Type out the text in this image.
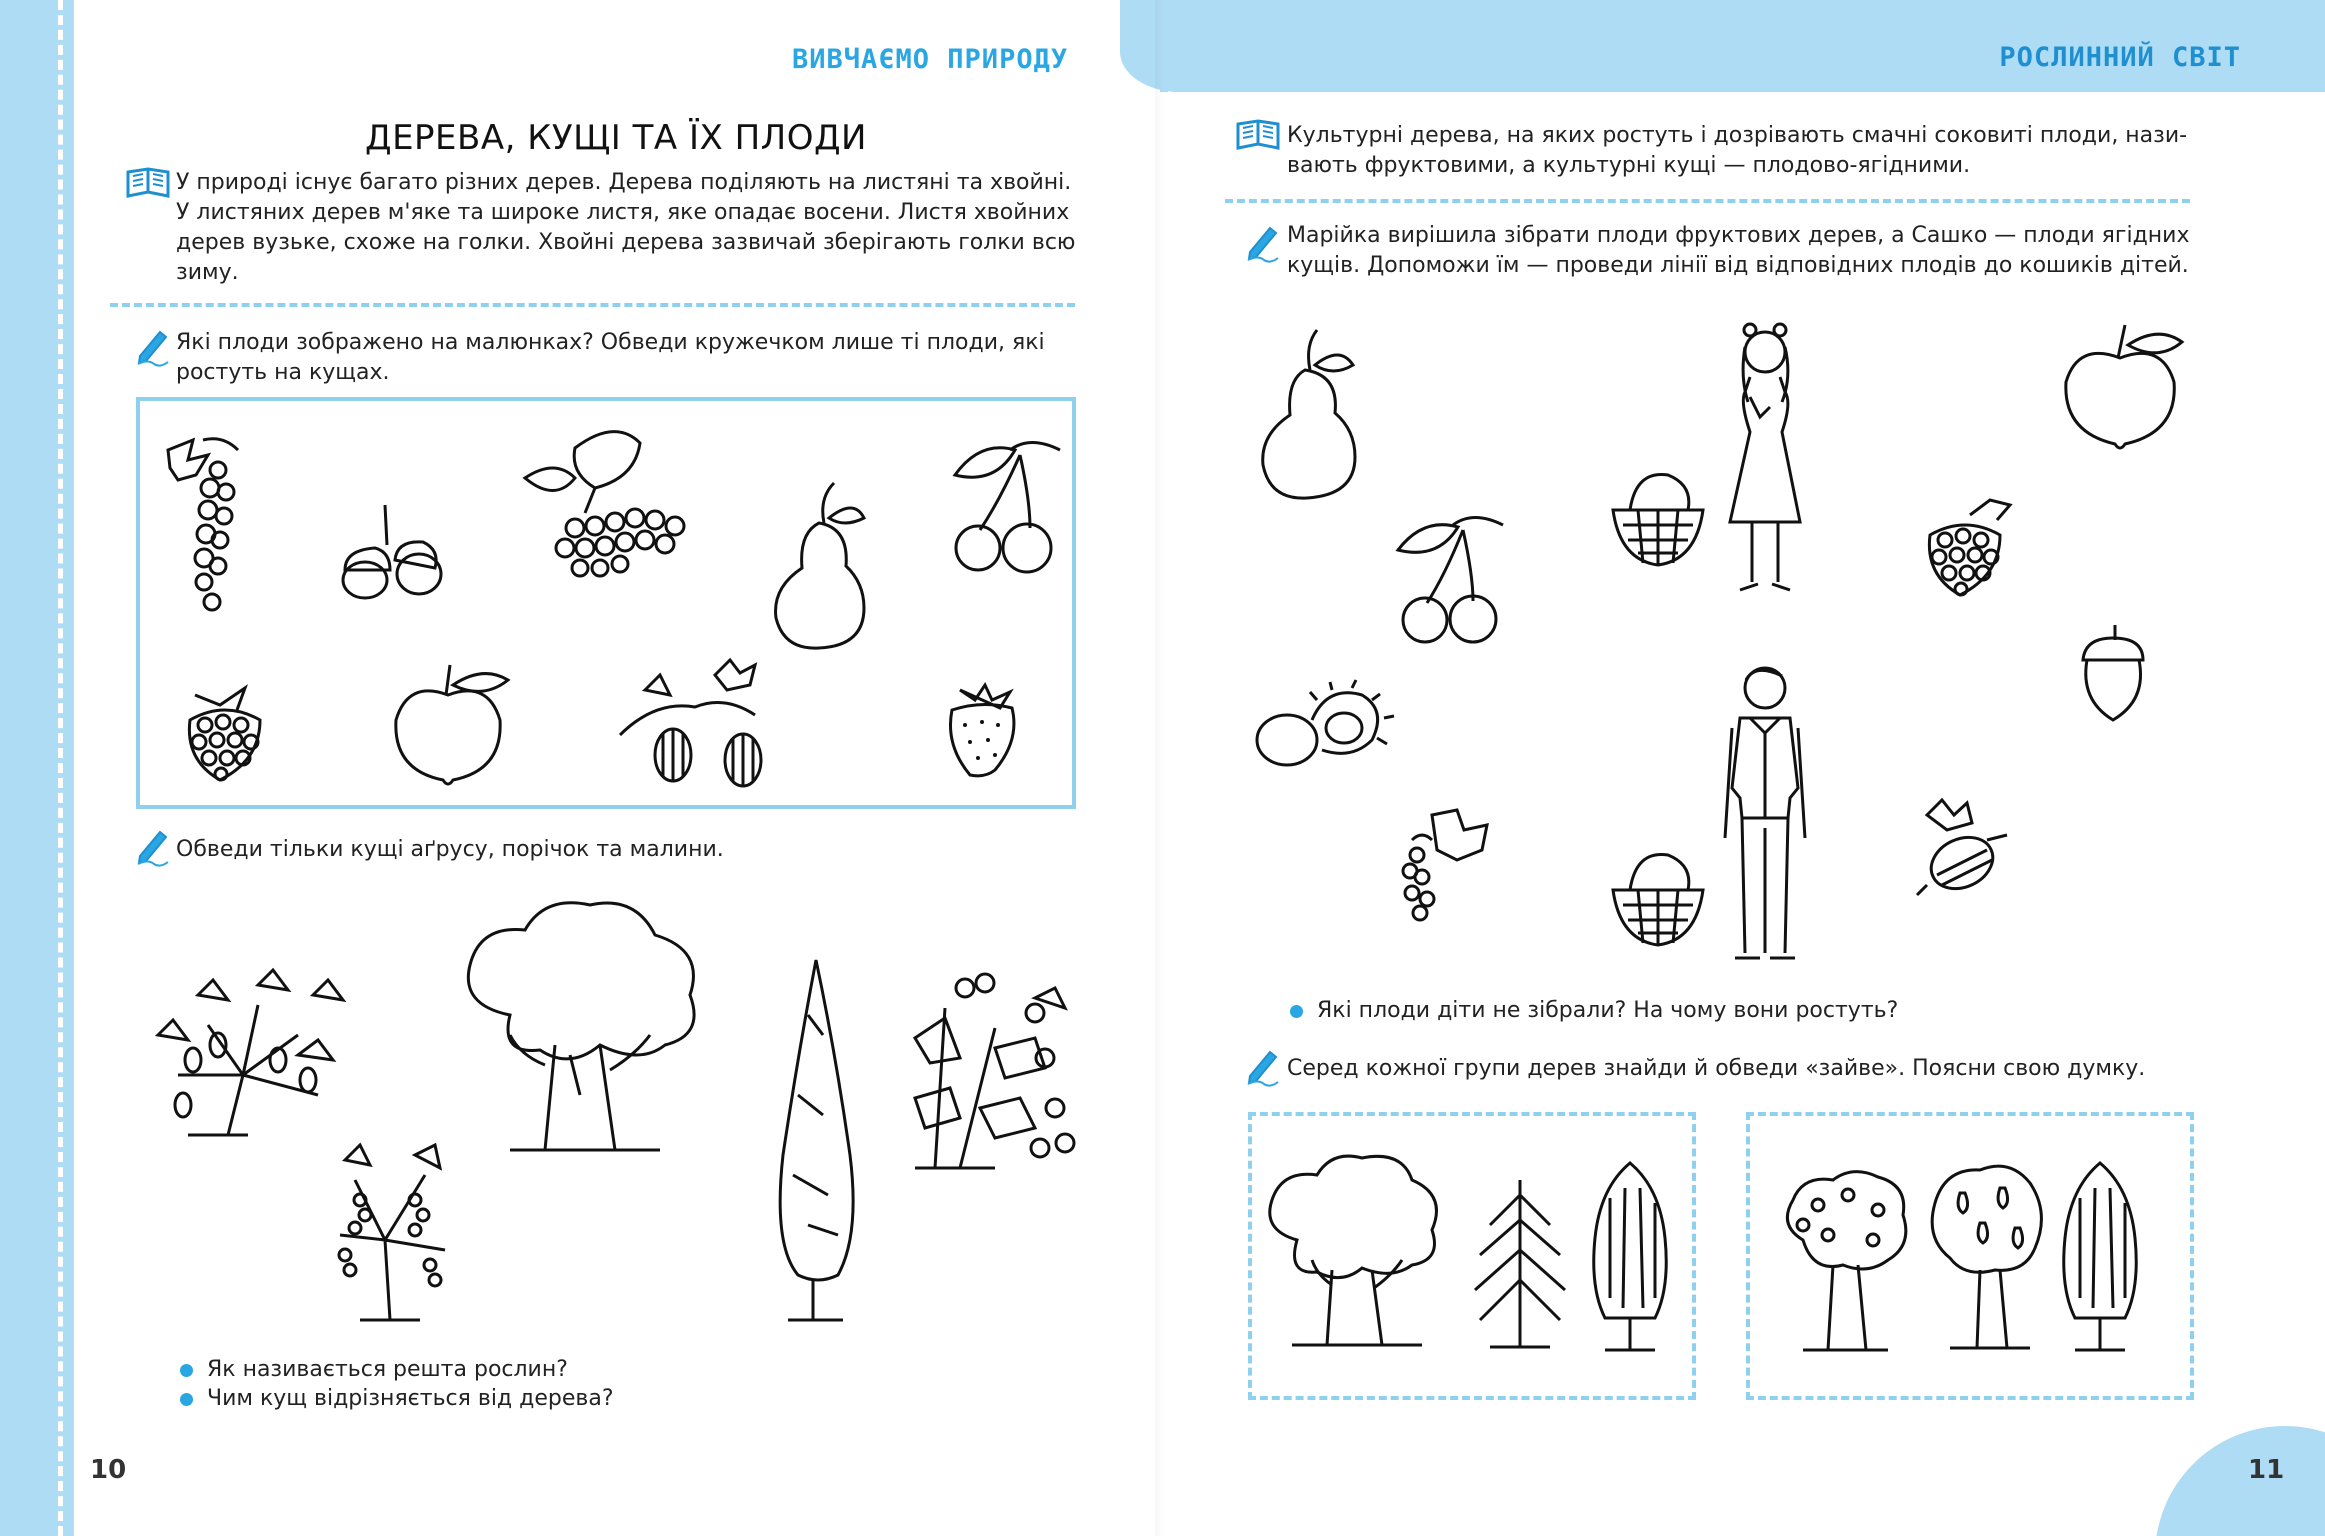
ВИВЧАЄМО ПРИРОДУ	РОСЛИННИЙ СВІТ
ДЕРЕВА, КУЩІ ТА ЇХ ПЛОДИ
У природі існує багато різних дерев. Дерева поділяють на листяні та хвойні.
У листяних дерев м'яке та широке листя, яке опадає восени. Листя хвойних
дерев вузьке, схоже на голки. Хвойні дерева зазвичай зберігають голки всю
зиму.
Які плоди зображено на малюнках? Обведи кружечком лише ті плоди, які
ростуть на кущах.
Обведи тільки кущі аґрусу, порічок та малини.
Як називається решта рослин?
Чим кущ відрізняється від дерева?
10
Культурні дерева, на яких ростуть і дозрівають смачні соковиті плоди, нази-
вають фруктовими, а культурні кущі — плодово-ягідними.
Марійка вирішила зібрати плоди фруктових дерев, а Сашко — плоди ягідних
кущів. Допоможи їм — проведи лінії від відповідних плодів до кошиків дітей.
Які плоди діти не зібрали? На чому вони ростуть?
Серед кожної групи дерев знайди й обведи «зайве». Поясни свою думку.
11
